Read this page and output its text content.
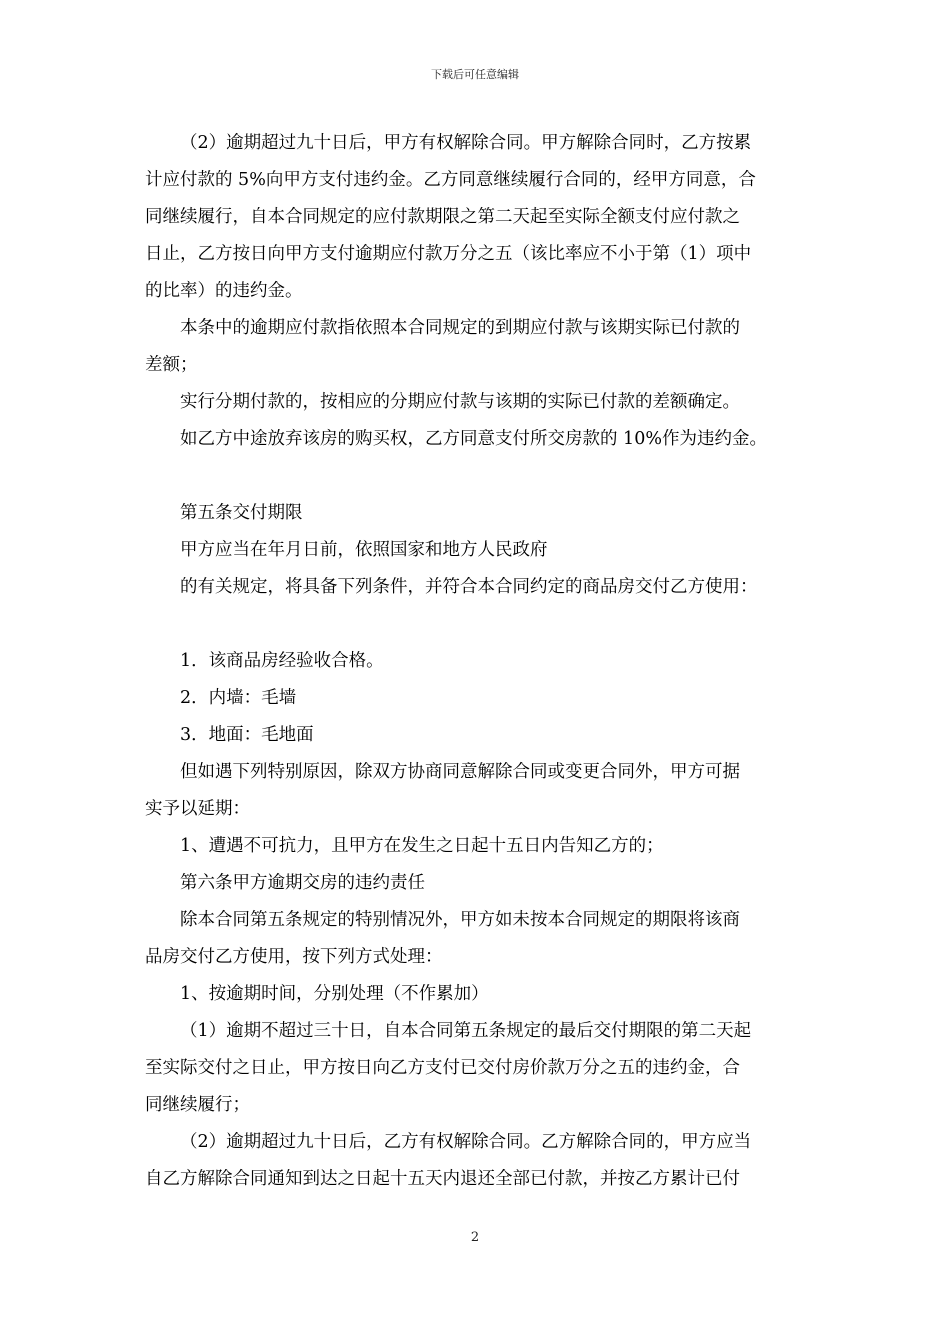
下载后可任意编辑

（2）逾期超过九十日后，甲方有权解除合同。甲方解除合同时，乙方按累

计应付款的 5%向甲方支付违约金。乙方同意继续履行合同的，经甲方同意，合

同继续履行，自本合同规定的应付款期限之第二天起至实际全额支付应付款之

日止，乙方按日向甲方支付逾期应付款万分之五（该比率应不小于第（1）项中

的比率）的违约金。

本条中的逾期应付款指依照本合同规定的到期应付款与该期实际已付款的

差额；

实行分期付款的，按相应的分期应付款与该期的实际已付款的差额确定。

如乙方中途放弃该房的购买权，乙方同意支付所交房款的 10%作为违约金。

第五条交付期限

甲方应当在年月日前，依照国家和地方人民政府

的有关规定，将具备下列条件，并符合本合同约定的商品房交付乙方使用：

1．该商品房经验收合格。

2．内墙：毛墙

3．地面：毛地面

但如遇下列特别原因，除双方协商同意解除合同或变更合同外，甲方可据

实予以延期：

1、遭遇不可抗力，且甲方在发生之日起十五日内告知乙方的；

第六条甲方逾期交房的违约责任

除本合同第五条规定的特别情况外，甲方如未按本合同规定的期限将该商

品房交付乙方使用，按下列方式处理：

1、按逾期时间，分别处理（不作累加）

（1）逾期不超过三十日，自本合同第五条规定的最后交付期限的第二天起

至实际交付之日止，甲方按日向乙方支付已交付房价款万分之五的违约金，合

同继续履行；

（2）逾期超过九十日后，乙方有权解除合同。乙方解除合同的，甲方应当

自乙方解除合同通知到达之日起十五天内退还全部已付款，并按乙方累计已付

2
